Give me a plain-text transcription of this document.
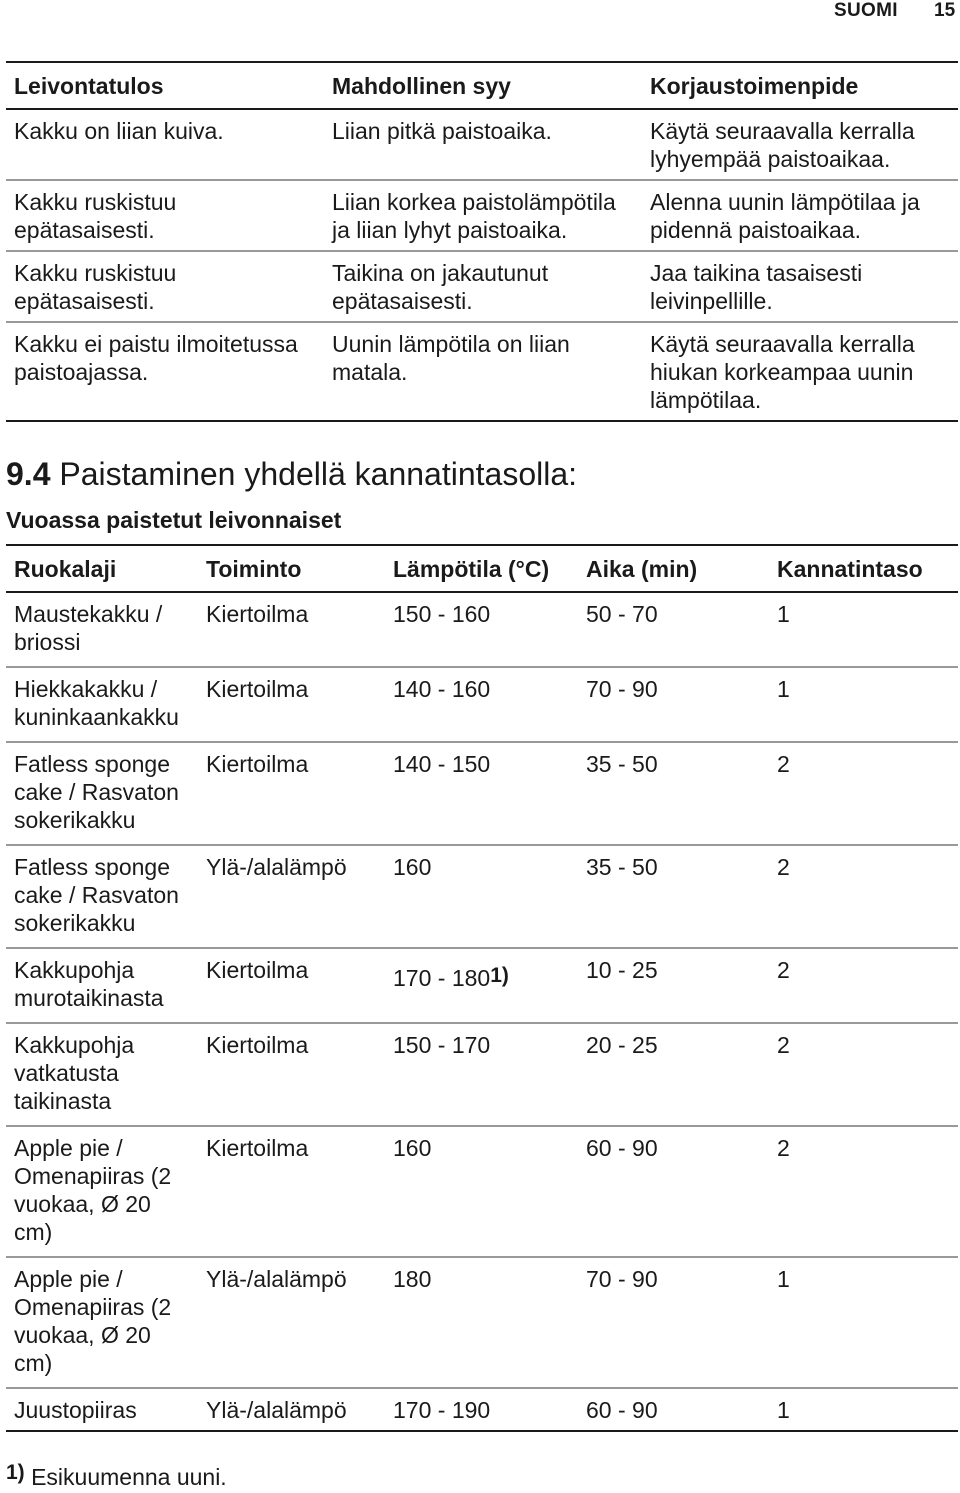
SUOMI 15
Leivontatulos	Mahdollinen syy	Korjaustoimenpide
Kakku on liian kuiva.	Liian pitkä paistoaika.	Käytä seuraavalla kerralla lyhyempää paistoaikaa.
Kakku ruskistuu epätasaisesti.	Liian korkea paistolämpötila ja liian lyhyt paistoaika.	Alenna uunin lämpötilaa ja pidennä paistoaikaa.
Kakku ruskistuu epätasaisesti.	Taikina on jakautunut epätasaisesti.	Jaa taikina tasaisesti leivinpellille.
Kakku ei paistu ilmoitetussa paistoajassa.	Uunin lämpötila on liian matala.	Käytä seuraavalla kerralla hiukan korkeampaa uunin lämpötilaa.
9.4 Paistaminen yhdellä kannatintasolla:
Vuoassa paistetut leivonnaiset
Ruokalaji	Toiminto	Lämpötila (°C)	Aika (min)	Kannatintaso
Maustekakku / briossi	Kiertoilma	150 - 160	50 - 70	1
Hiekkakakku / kuninkaankakku	Kiertoilma	140 - 160	70 - 90	1
Fatless sponge cake / Rasvaton sokerikakku	Kiertoilma	140 - 150	35 - 50	2
Fatless sponge cake / Rasvaton sokerikakku	Ylä-/alalämpö	160	35 - 50	2
Kakkupohja murotaikinasta	Kiertoilma	170 - 180$^{1)}$	10 - 25	2
Kakkupohja vatkatusta taikinasta	Kiertoilma	150 - 170	20 - 25	2
Apple pie / Omenapiiras (2 vuokaa, Ø 20 cm)	Kiertoilma	160	60 - 90	2
Apple pie / Omenapiiras (2 vuokaa, Ø 20 cm)	Ylä-/alalämpö	180	70 - 90	1
Juustopiiras	Ylä-/alalämpö	170 - 190	60 - 90	1
1) Esikuumenna uuni.
